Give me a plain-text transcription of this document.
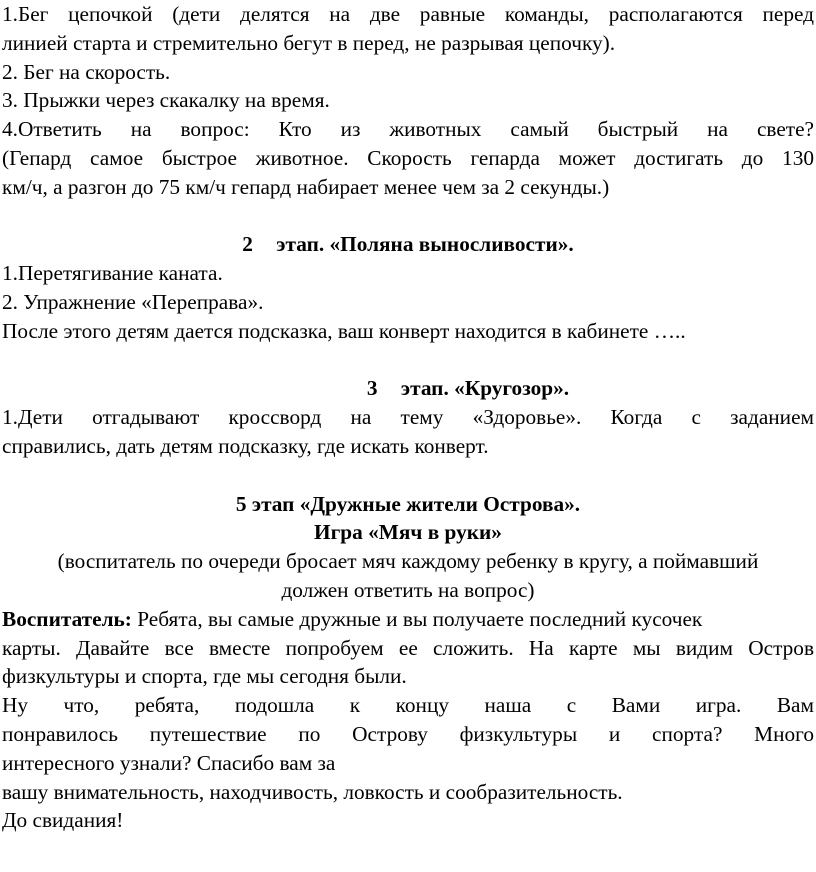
1.Бег цепочкой (дети делятся на две равные команды, располагаются перед
линией старта и стремительно бегут в перед, не разрывая цепочку).
2. Бег на скорость.
3. Прыжки через скакалку на время.
4.Ответить на вопрос: Кто из животных самый быстрый на свете?
(Гепард самое быстрое животное. Скорость гепарда может достигать до 130
км/ч, а разгон до 75 км/ч гепард набирает менее чем за 2 секунды.)
2 этап. «Поляна выносливости».
1.Перетягивание каната.
2. Упражнение «Переправа».
После этого детям дается подсказка, ваш конверт находится в кабинете …..
3 этап. «Кругозор».
1.Дети отгадывают кроссворд на тему «Здоровье». Когда с заданием
справились, дать детям подсказку, где искать конверт.
5 этап «Дружные жители Острова».
Игра «Мяч в руки»
(воспитатель по очереди бросает мяч каждому ребенку в кругу, а поймавший
должен ответить на вопрос)
Воспитатель: Ребята, вы самые дружные и вы получаете последний кусочек
карты. Давайте все вместе попробуем ее сложить. На карте мы видим Остров
физкультуры и спорта, где мы сегодня были.
Ну что, ребята, подошла к концу наша с Вами игра. Вам
понравилось путешествие по Острову физкультуры и спорта? Много
интересного узнали? Спасибо вам за
вашу внимательность, находчивость, ловкость и сообразительность.
До свидания!
